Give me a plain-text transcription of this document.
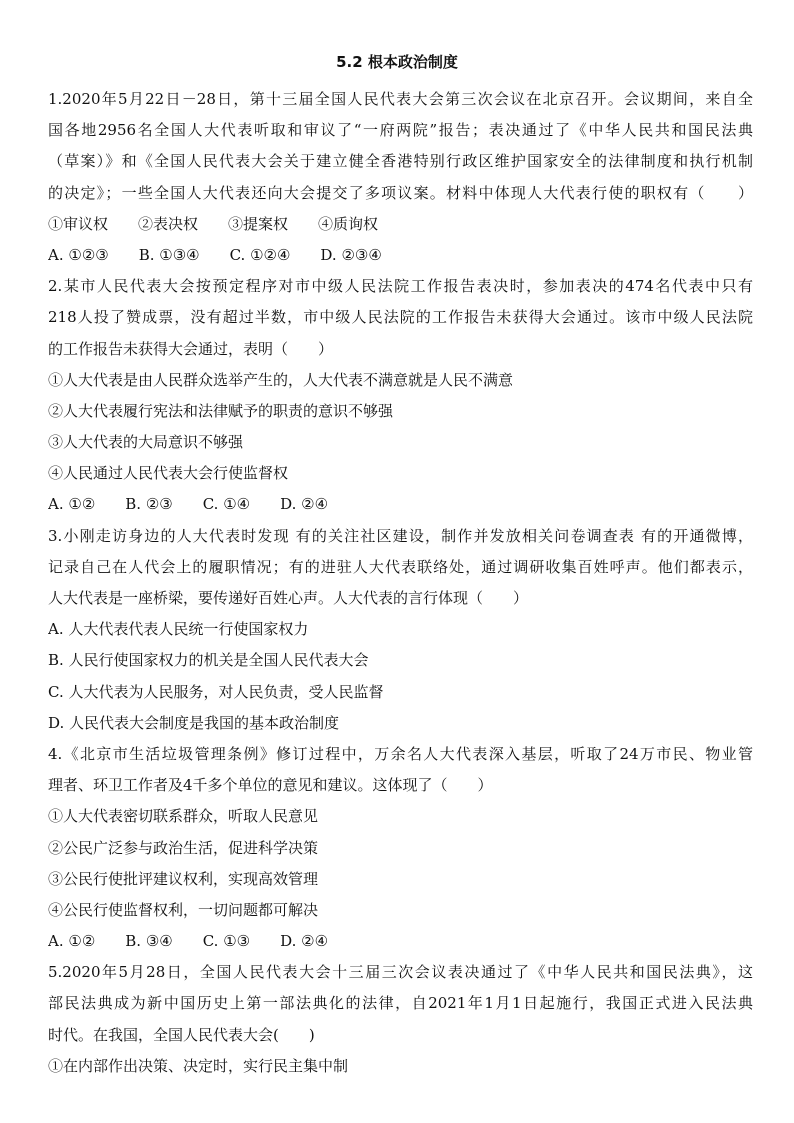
5.2 根本政治制度
1.2020年5月22日－28日，第十三届全国人民代表大会第三次会议在北京召开。会议期间，来自全
国各地2956名全国人大代表听取和审议了“一府两院”报告；表决通过了《中华人民共和国民法典
（草案）》和《全国人民代表大会关于建立健全香港特别行政区维护国家安全的法律制度和执行机制
的决定》；一些全国人大代表还向大会提交了多项议案。材料中体现人大代表行使的职权有（　　）
①审议权　　②表决权　　③提案权　　④质询权
A. ①②③　　B. ①③④　　C. ①②④　　D. ②③④
2.某市人民代表大会按预定程序对市中级人民法院工作报告表决时，参加表决的474名代表中只有
218人投了赞成票，没有超过半数，市中级人民法院的工作报告未获得大会通过。该市中级人民法院
的工作报告未获得大会通过，表明（　　）
①人大代表是由人民群众选举产生的，人大代表不满意就是人民不满意
②人大代表履行宪法和法律赋予的职责的意识不够强
③人大代表的大局意识不够强
④人民通过人民代表大会行使监督权
A. ①②　　B. ②③　　C. ①④　　D. ②④
3.小刚走访身边的人大代表时发现 有的关注社区建设，制作并发放相关问卷调查表 有的开通微博，
记录自己在人代会上的履职情况；有的进驻人大代表联络处，通过调研收集百姓呼声。他们都表示，
人大代表是一座桥梁，要传递好百姓心声。人大代表的言行体现（　　）
A. 人大代表代表人民统一行使国家权力
B. 人民行使国家权力的机关是全国人民代表大会
C. 人大代表为人民服务，对人民负责，受人民监督
D. 人民代表大会制度是我国的基本政治制度
4.《北京市生活垃圾管理条例》修订过程中，万余名人大代表深入基层，听取了24万市民、物业管
理者、环卫工作者及4千多个单位的意见和建议。这体现了（　　）
①人大代表密切联系群众，听取人民意见
②公民广泛参与政治生活，促进科学决策
③公民行使批评建议权利，实现高效管理
④公民行使监督权利，一切问题都可解决
A. ①②　　B. ③④　　C. ①③　　D. ②④
5.2020年5月28日，全国人民代表大会十三届三次会议表决通过了《中华人民共和国民法典》，这
部民法典成为新中国历史上第一部法典化的法律，自2021年1月1日起施行，我国正式进入民法典
时代。在我国，全国人民代表大会(　　)
①在内部作出决策、决定时，实行民主集中制
